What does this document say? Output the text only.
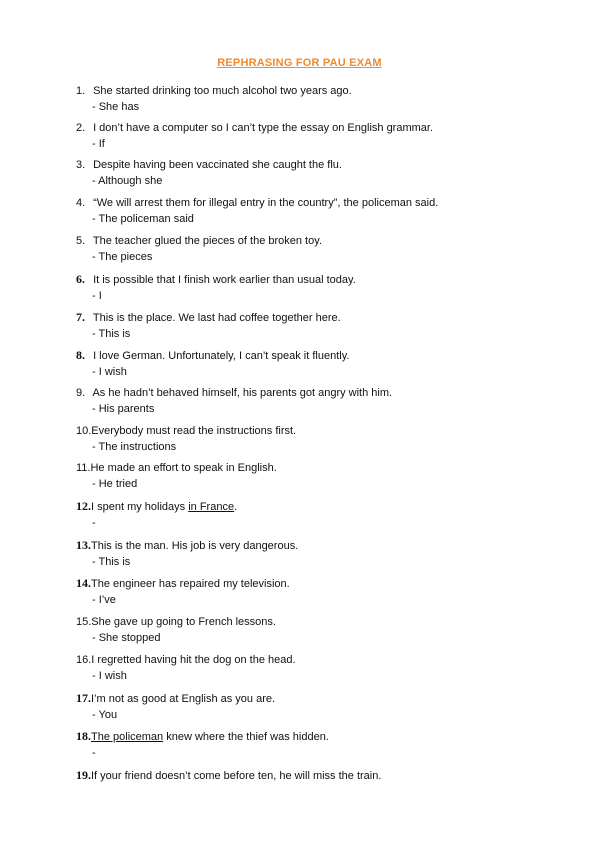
REPHRASING FOR PAU EXAM
1. She started drinking too much alcohol two years ago.
- She has
2. I don’t have a computer so I can’t type the essay on English grammar.
- If
3. Despite having been vaccinated she caught the flu.
- Although she
4. “We will arrest them for illegal entry in the country”, the policeman said.
- The policeman said
5. The teacher glued the pieces of the broken toy.
- The pieces
6. It is possible that I finish work earlier than usual today.
- I
7. This is the place. We last had coffee together here.
- This is
8. I love German. Unfortunately, I can’t speak it fluently.
- I wish
9. As he hadn’t behaved himself, his parents got angry with him.
- His parents
10.Everybody must read the instructions first.
- The instructions
11.He made an effort to speak in English.
- He tried
12.I spent my holidays in France.
-
13.This is the man. His job is very dangerous.
- This is
14.The engineer has repaired my television.
- I’ve
15.She gave up going to French lessons.
- She stopped
16.I regretted having hit the dog on the head.
- I wish
17.I’m not as good at English as you are.
- You
18.The policeman knew where the thief was hidden.
-
19.If your friend doesn’t come before ten, he will miss the train.
